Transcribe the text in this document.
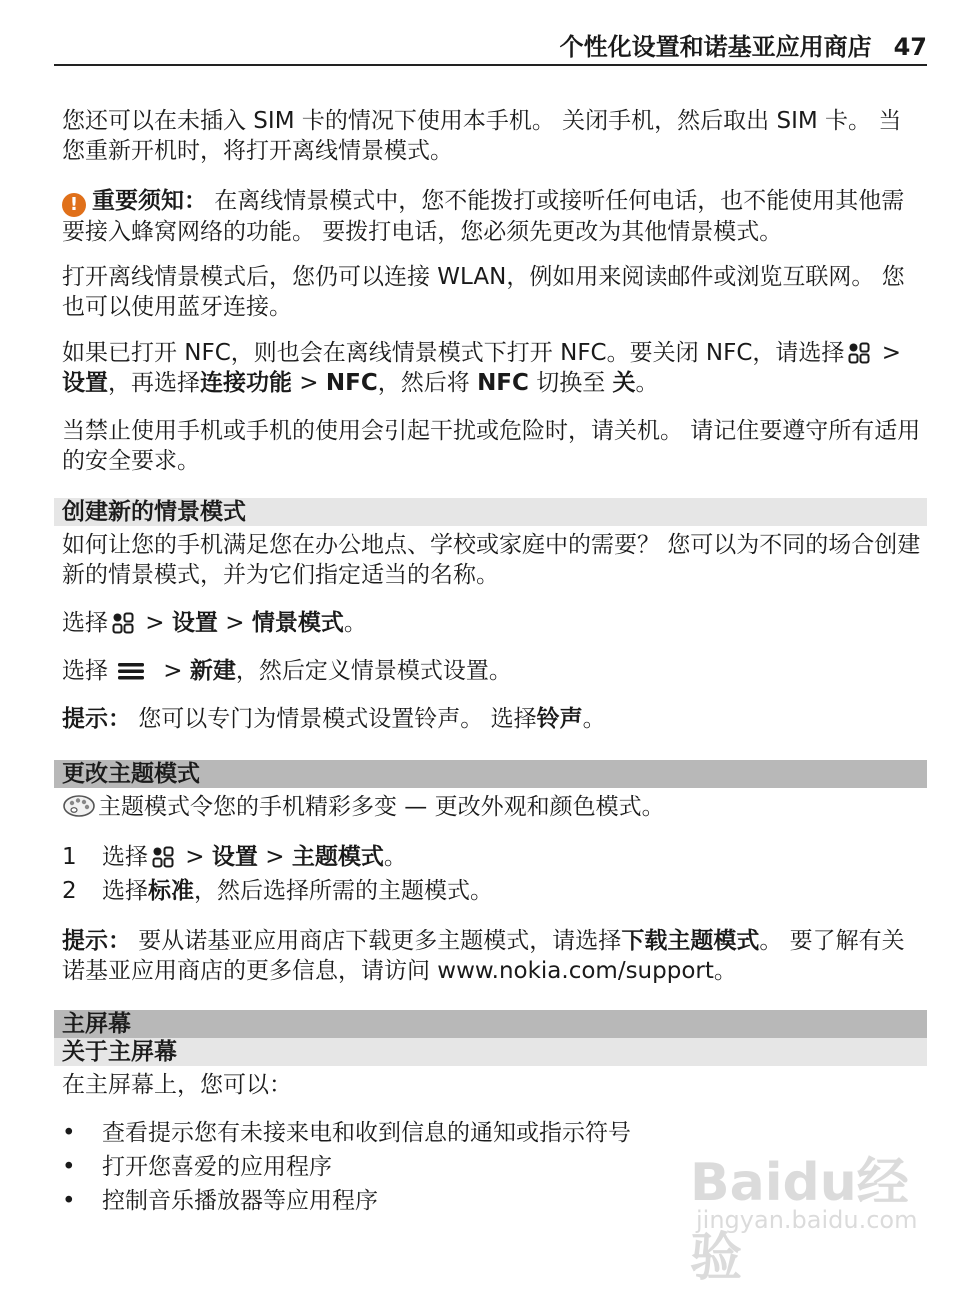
个性化设置和诺基亚应用商店 47
您还可以在未插入 SIM 卡的情况下使用本手机。 关闭手机，然后取出 SIM 卡。 当您重新开机时，将打开离线情景模式。
! 重要须知： 在离线情景模式中，您不能拨打或接听任何电话，也不能使用其他需要接入蜂窝网络的功能。 要拨打电话，您必须先更改为其他情景模式。
打开离线情景模式后，您仍可以连接 WLAN，例如用来阅读邮件或浏览互联网。 您也可以使用蓝牙连接。
如果已打开 NFC，则也会在离线情景模式下打开 NFC。要关闭 NFC，请选择 > 设置，再选择连接功能 > NFC，然后将 NFC 切换至 关。
当禁止使用手机或手机的使用会引起干扰或危险时，请关机。 请记住要遵守所有适用的安全要求。
创建新的情景模式
如何让您的手机满足您在办公地点、学校或家庭中的需要？ 您可以为不同的场合创建新的情景模式，并为它们指定适当的名称。
选择 > 设置 > 情景模式。
选择 > 新建，然后定义情景模式设置。
提示： 您可以专门为情景模式设置铃声。 选择铃声。
更改主题模式
主题模式令您的手机精彩多变 — 更改外观和颜色模式。
1 选择 > 设置 > 主题模式。
2 选择标准，然后选择所需的主题模式。
提示： 要从诺基亚应用商店下载更多主题模式，请选择下载主题模式。 要了解有关诺基亚应用商店的更多信息，请访问 www.nokia.com/support。
主屏幕
关于主屏幕
在主屏幕上，您可以：
• 查看提示您有未接来电和收到信息的通知或指示符号
• 打开您喜爱的应用程序
• 控制音乐播放器等应用程序	Baidu经验
jingyan.baidu.com
